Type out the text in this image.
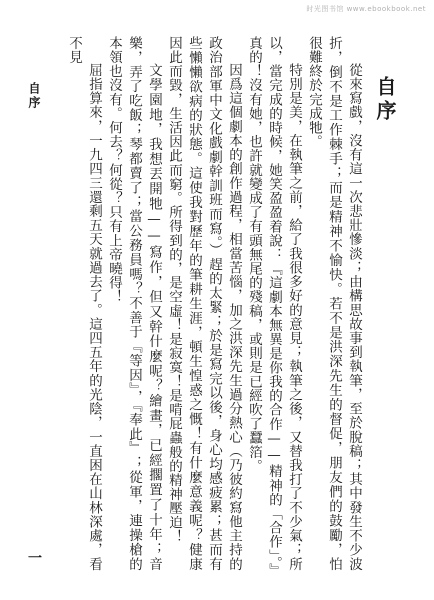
时光图书馆 www.ebookbook.net
自序

從來寫戲，沒有這一次悲壯慘淡；由構思故事到執筆，至於脫稿；其中發生不少波折，倒不是工作棘手；而是精神不愉快。若不是洪深先生的督促，朋友們的鼓勵，怕很難終於完成牠。

特別是美，在執筆之前，給了我很多好的意見；執筆之後，又替我打了不少氣；所以，當完成的時候，她笑盈盈着說：『這劇本無異是你我的合作——精神的「合作」。』真的！沒有她，也許就變成了有頭無尾的殘稿，或則是已經吹了蠶箔。

因爲這個劇本的創作過程，相當苦惱，加之洪深先生過分熱心（乃彼約寫他主持的政治部軍中文化戲劇幹訓班而寫。）趕的太緊；於是寫完以後，身心均感疲累；甚而有些懶懶欲病的狀態。這使我對歷年的筆耕生涯，頓生惶惑之慨！有什麼意義呢？健康因此而毀，生活因此而窮。所得到的，是空虛！是寂寞！是啃屁蟲般的精神壓迫！

文學園地，我想丟開牠——寫作，但又幹什麼呢？繪畫，已經擱置了十年；音樂，弄了吃飯；琴都賣了；當公務員嗎？不善于『等因』，『奉此』；從軍，連操槍的本領也沒有。何去？何從？只有上帝曉得！

屈指算來，一九四三還剩五天就過去了。這四五年的光陰，一直困在山林深處，看不見

自序
一
